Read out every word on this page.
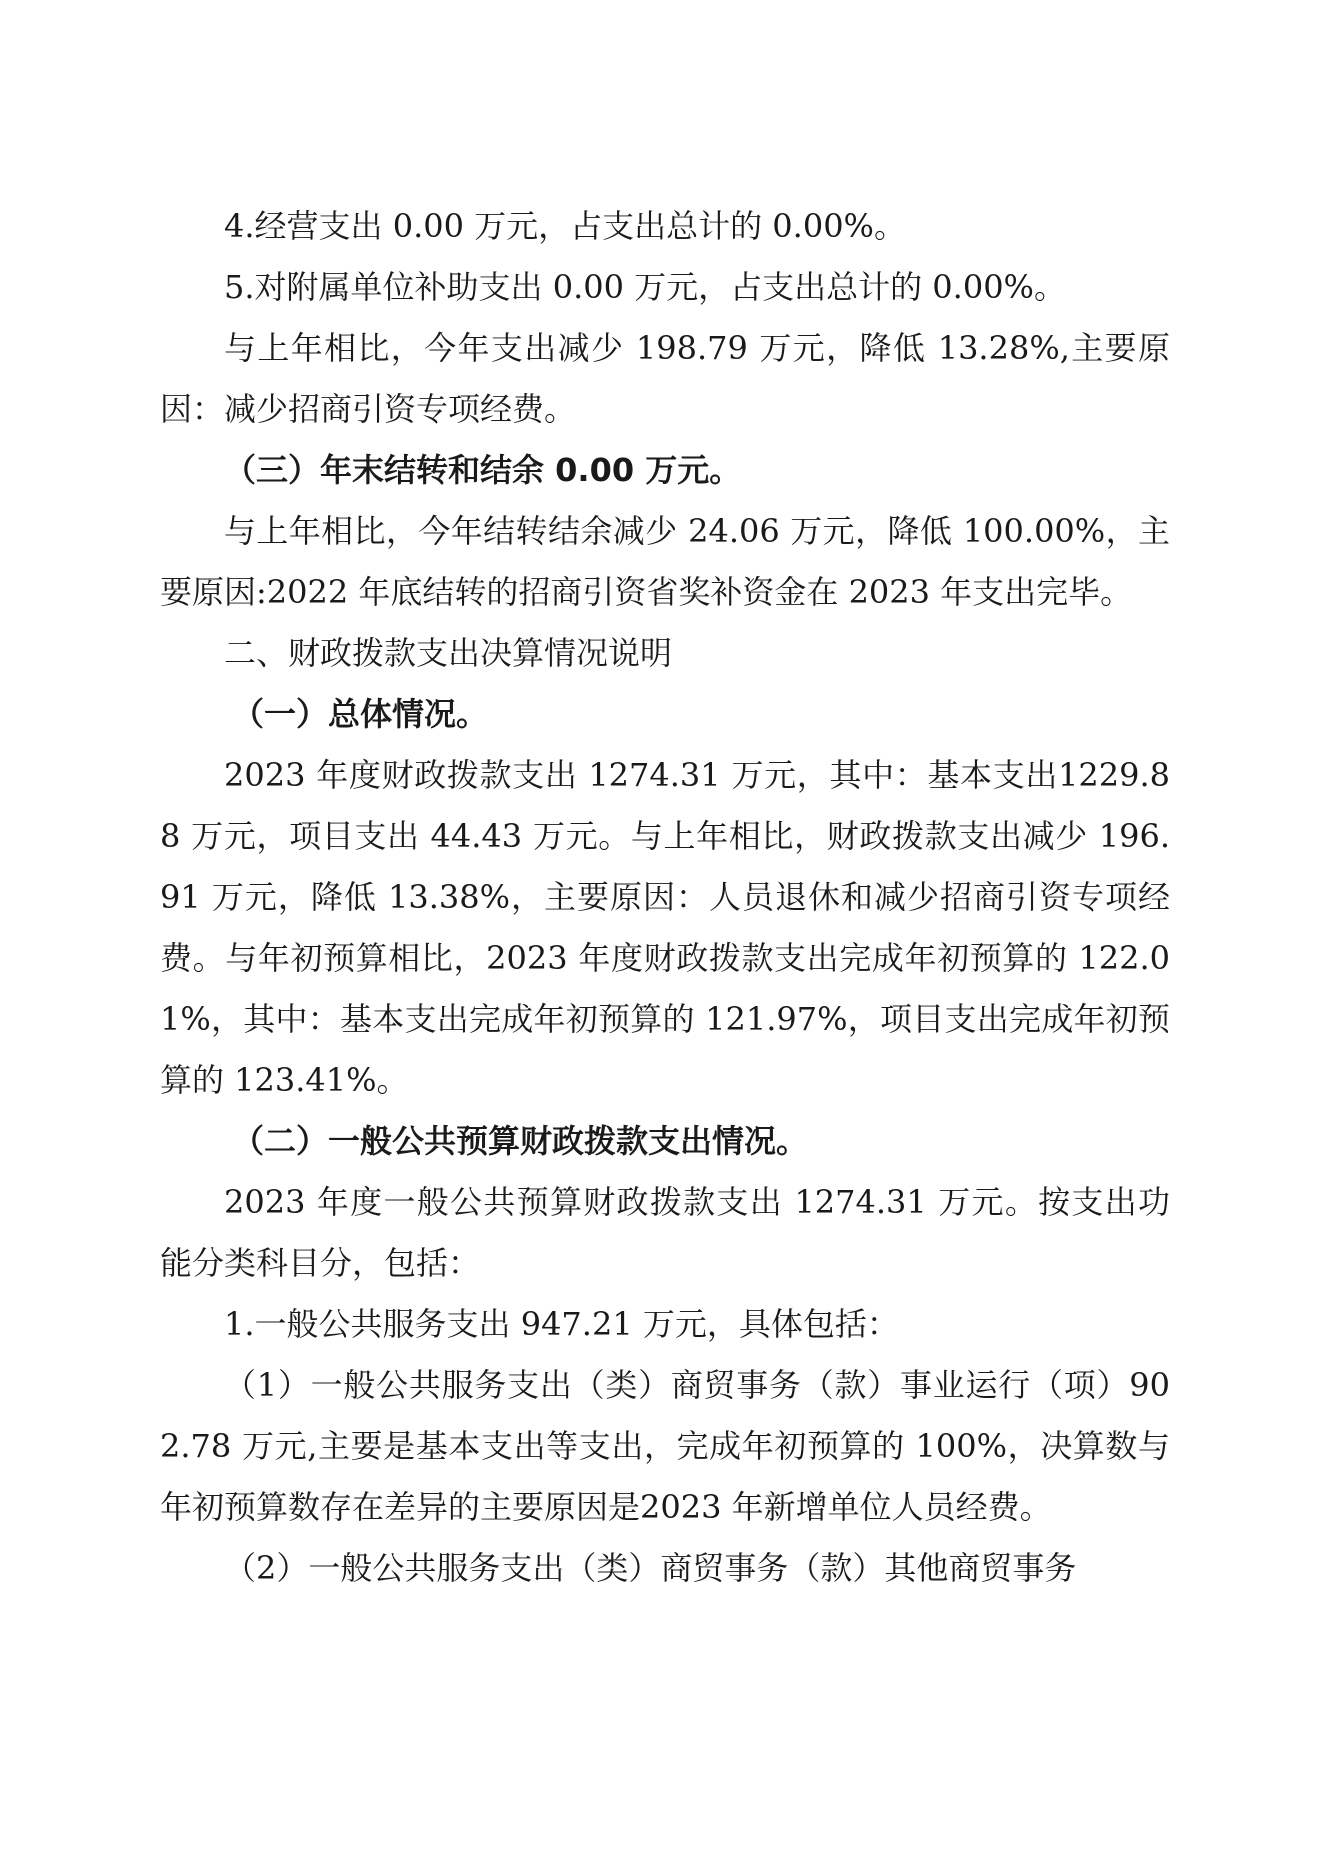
4.经营支出 0.00 万元，占支出总计的 0.00%。

5.对附属单位补助支出 0.00 万元，占支出总计的 0.00%。

与上年相比，今年支出减少 198.79 万元，降低 13.28%,主要原因：减少招商引资专项经费。

（三）年末结转和结余 0.00 万元。

与上年相比，今年结转结余减少 24.06 万元，降低 100.00%，主要原因:2022 年底结转的招商引资省奖补资金在 2023 年支出完毕。

二、财政拨款支出决算情况说明

（一）总体情况。

2023 年度财政拨款支出 1274.31 万元，其中：基本支出1229.88 万元，项目支出 44.43 万元。与上年相比，财政拨款支出减少 196.91 万元，降低 13.38%，主要原因：人员退休和减少招商引资专项经费。与年初预算相比，2023 年度财政拨款支出完成年初预算的 122.01%，其中：基本支出完成年初预算的 121.97%，项目支出完成年初预算的 123.41%。

（二）一般公共预算财政拨款支出情况。

2023 年度一般公共预算财政拨款支出 1274.31 万元。按支出功能分类科目分，包括：

1.一般公共服务支出 947.21 万元，具体包括：

（1）一般公共服务支出（类）商贸事务（款）事业运行（项）902.78 万元,主要是基本支出等支出，完成年初预算的 100%，决算数与年初预算数存在差异的主要原因是2023 年新增单位人员经费。

（2）一般公共服务支出（类）商贸事务（款）其他商贸事务
